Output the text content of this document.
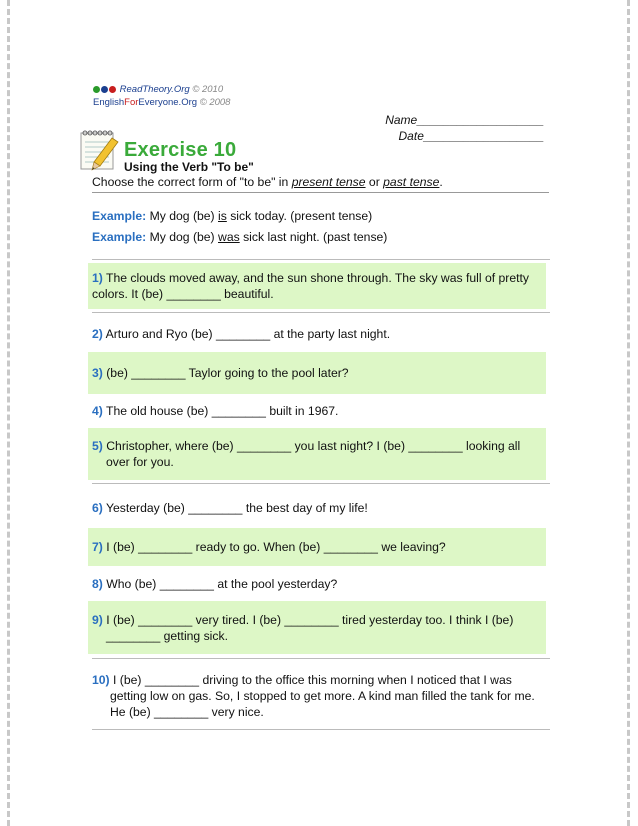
ReadTheory.Org © 2010
EnglishForEveryone.Org © 2008
Name___________________
Date__________________
Exercise 10
Using the Verb "To be"
Choose the correct form of "to be" in present tense or past tense.
Example: My dog (be) is sick today. (present tense)
Example: My dog (be) was sick last night. (past tense)
1) The clouds moved away, and the sun shone through. The sky was full of pretty colors. It (be) ________ beautiful.
2) Arturo and Ryo (be) ________ at the party last night.
3) (be) ________ Taylor going to the pool later?
4) The old house (be) ________ built in 1967.
5) Christopher, where (be) ________ you last night? I (be) ________ looking all over for you.
6) Yesterday (be) ________ the best day of my life!
7) I (be) ________ ready to go. When (be) ________ we leaving?
8) Who (be) ________ at the pool yesterday?
9) I (be) ________ very tired. I (be) ________ tired yesterday too. I think I (be) ________ getting sick.
10) I (be) ________ driving to the office this morning when I noticed that I was getting low on gas. So, I stopped to get more. A kind man filled the tank for me. He (be) ________ very nice.
